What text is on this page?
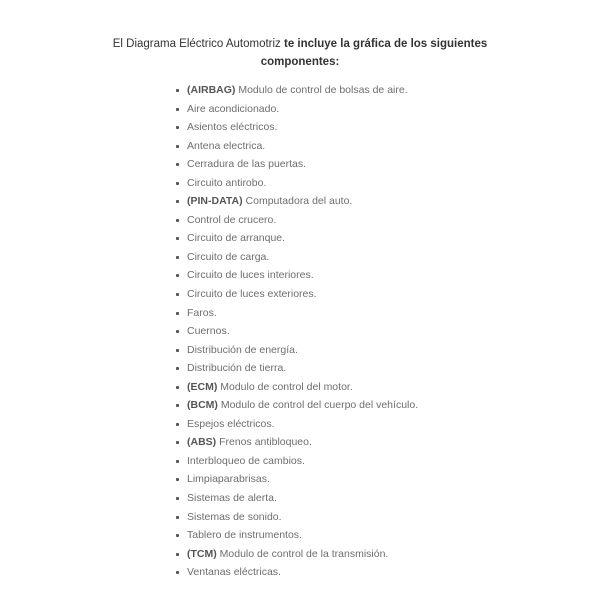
El Diagrama Eléctrico Automotriz te incluye la gráfica de los siguientes componentes:
(AIRBAG) Modulo de control de bolsas de aire.
Aire acondicionado.
Asientos eléctricos.
Antena electrica.
Cerradura de las puertas.
Circuito antirobo.
(PIN-DATA) Computadora del auto.
Control de crucero.
Circuito de arranque.
Circuito de carga.
Circuito de luces interiores.
Circuito de luces exteriores.
Faros.
Cuernos.
Distribución de energía.
Distribución de tierra.
(ECM) Modulo de control del motor.
(BCM) Modulo de control del cuerpo del vehículo.
Espejos eléctricos.
(ABS) Frenos antibloqueo.
Interbloqueo de cambios.
Limpiaparabrisas.
Sistemas de alerta.
Sistemas de sonido.
Tablero de instrumentos.
(TCM) Modulo de control de la transmisión.
Ventanas eléctricas.
